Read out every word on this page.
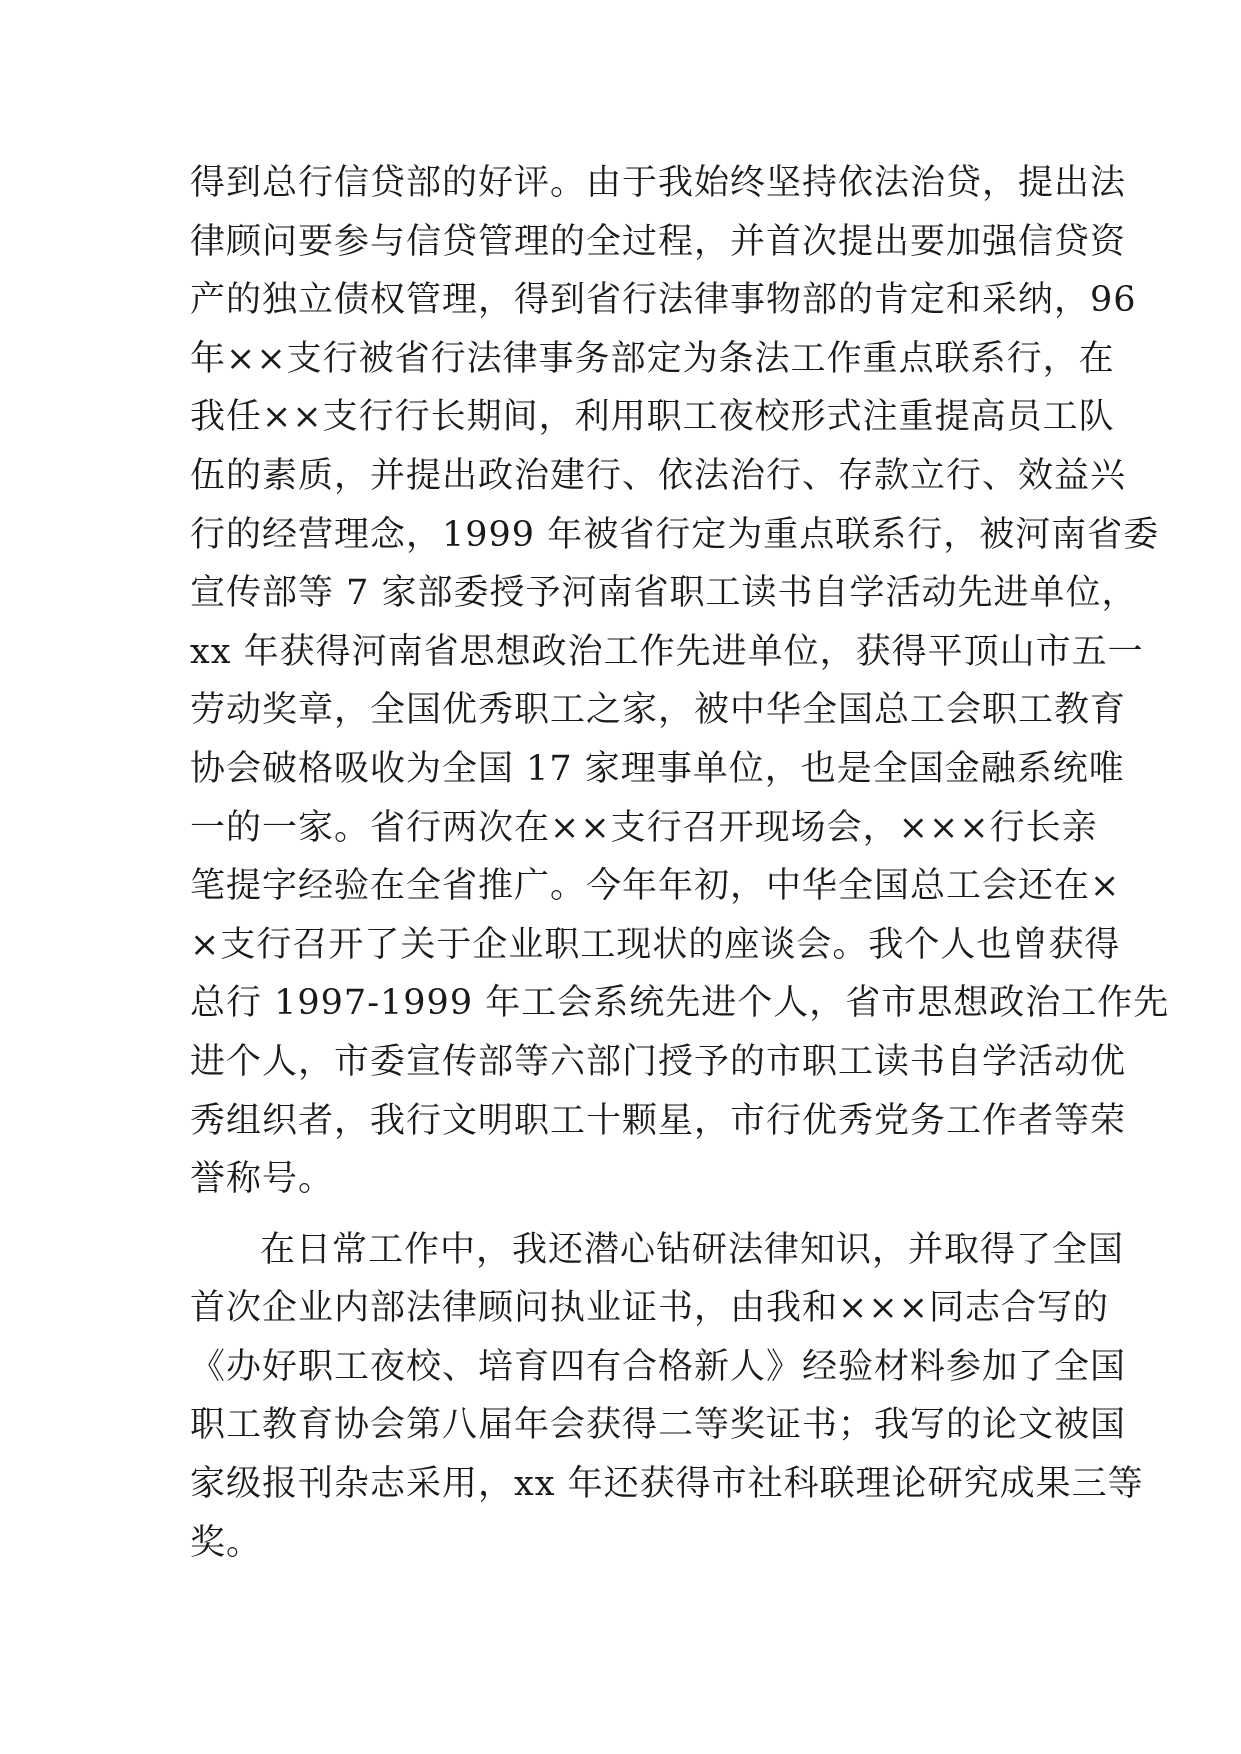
得到总行信贷部的好评。由于我始终坚持依法治贷，提出法
律顾问要参与信贷管理的全过程，并首次提出要加强信贷资
产的独立债权管理，得到省行法律事物部的肯定和采纳，96
年××支行被省行法律事务部定为条法工作重点联系行，在
我任××支行行长期间，利用职工夜校形式注重提高员工队
伍的素质，并提出政治建行、依法治行、存款立行、效益兴
行的经营理念，1999 年被省行定为重点联系行，被河南省委
宣传部等 7 家部委授予河南省职工读书自学活动先进单位，
xx 年获得河南省思想政治工作先进单位，获得平顶山市五一
劳动奖章，全国优秀职工之家，被中华全国总工会职工教育
协会破格吸收为全国 17 家理事单位，也是全国金融系统唯
一的一家。省行两次在××支行召开现场会，×××行长亲
笔提字经验在全省推广。今年年初，中华全国总工会还在×
×支行召开了关于企业职工现状的座谈会。我个人也曾获得
总行 1997-1999 年工会系统先进个人，省市思想政治工作先
进个人，市委宣传部等六部门授予的市职工读书自学活动优
秀组织者，我行文明职工十颗星，市行优秀党务工作者等荣
誉称号。
在日常工作中，我还潜心钻研法律知识，并取得了全国
首次企业内部法律顾问执业证书，由我和×××同志合写的
《办好职工夜校、培育四有合格新人》经验材料参加了全国
职工教育协会第八届年会获得二等奖证书；我写的论文被国
家级报刊杂志采用，xx 年还获得市社科联理论研究成果三等
奖。
